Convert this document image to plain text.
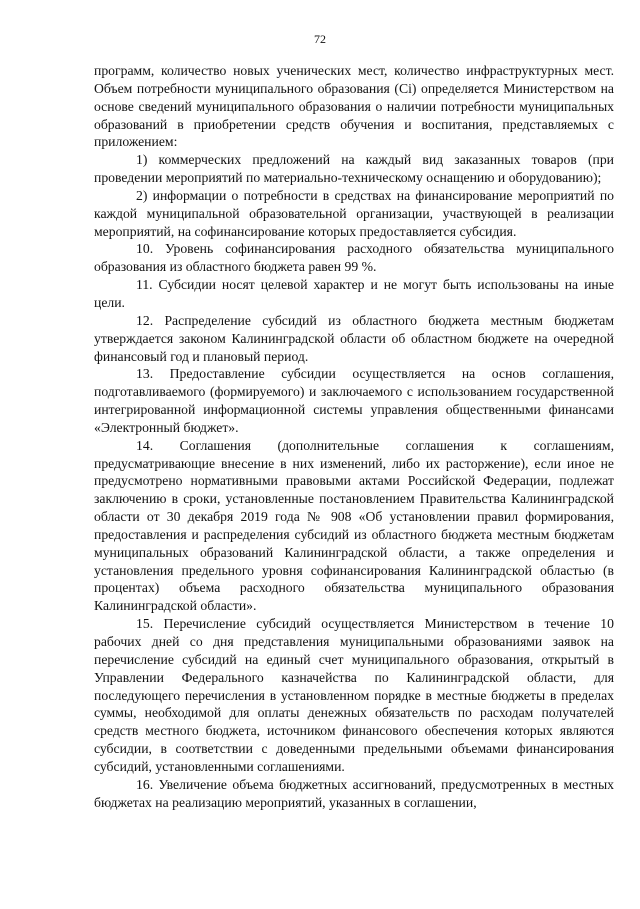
72

программ, количество новых ученических мест, количество инфраструктурных мест. Объем потребности муниципального образования (Ci) определяется Министерством на основе сведений муниципального образования о наличии потребности муниципальных образований в приобретении средств обучения и воспитания, представляемых с приложением:

1) коммерческих предложений на каждый вид заказанных товаров (при проведении мероприятий по материально-техническому оснащению и оборудованию);

2) информации о потребности в средствах на финансирование мероприятий по каждой муниципальной образовательной организации, участвующей в реализации мероприятий, на софинансирование которых предоставляется субсидия.

10. Уровень софинансирования расходного обязательства муниципального образования из областного бюджета равен 99 %.

11. Субсидии носят целевой характер и не могут быть использованы на иные цели.

12. Распределение субсидий из областного бюджета местным бюджетам утверждается законом Калининградской области об областном бюджете на очередной финансовый год и плановый период.

13. Предоставление субсидии осуществляется на основ соглашения, подготавливаемого (формируемого) и заключаемого с использованием государственной интегрированной информационной системы управления общественными финансами «Электронный бюджет».

14. Соглашения (дополнительные соглашения к соглашениям, предусматривающие внесение в них изменений, либо их расторжение), если иное не предусмотрено нормативными правовыми актами Российской Федерации, подлежат заключению в сроки, установленные постановлением Правительства Калининградской области от 30 декабря 2019 года № 908 «Об установлении правил формирования, предоставления и распределения субсидий из областного бюджета местным бюджетам муниципальных образований Калининградской области, а также определения и установления предельного уровня софинансирования Калининградской областью (в процентах) объема расходного обязательства муниципального образования Калининградской области».

15. Перечисление субсидий осуществляется Министерством в течение 10 рабочих дней со дня представления муниципальными образованиями заявок на перечисление субсидий на единый счет муниципального образования, открытый в Управлении Федерального казначейства по Калининградской области, для последующего перечисления в установленном порядке в местные бюджеты в пределах суммы, необходимой для оплаты денежных обязательств по расходам получателей средств местного бюджета, источником финансового обеспечения которых являются субсидии, в соответствии с доведенными предельными объемами финансирования субсидий, установленными соглашениями.

16. Увеличение объема бюджетных ассигнований, предусмотренных в местных бюджетах на реализацию мероприятий, указанных в соглашении,
